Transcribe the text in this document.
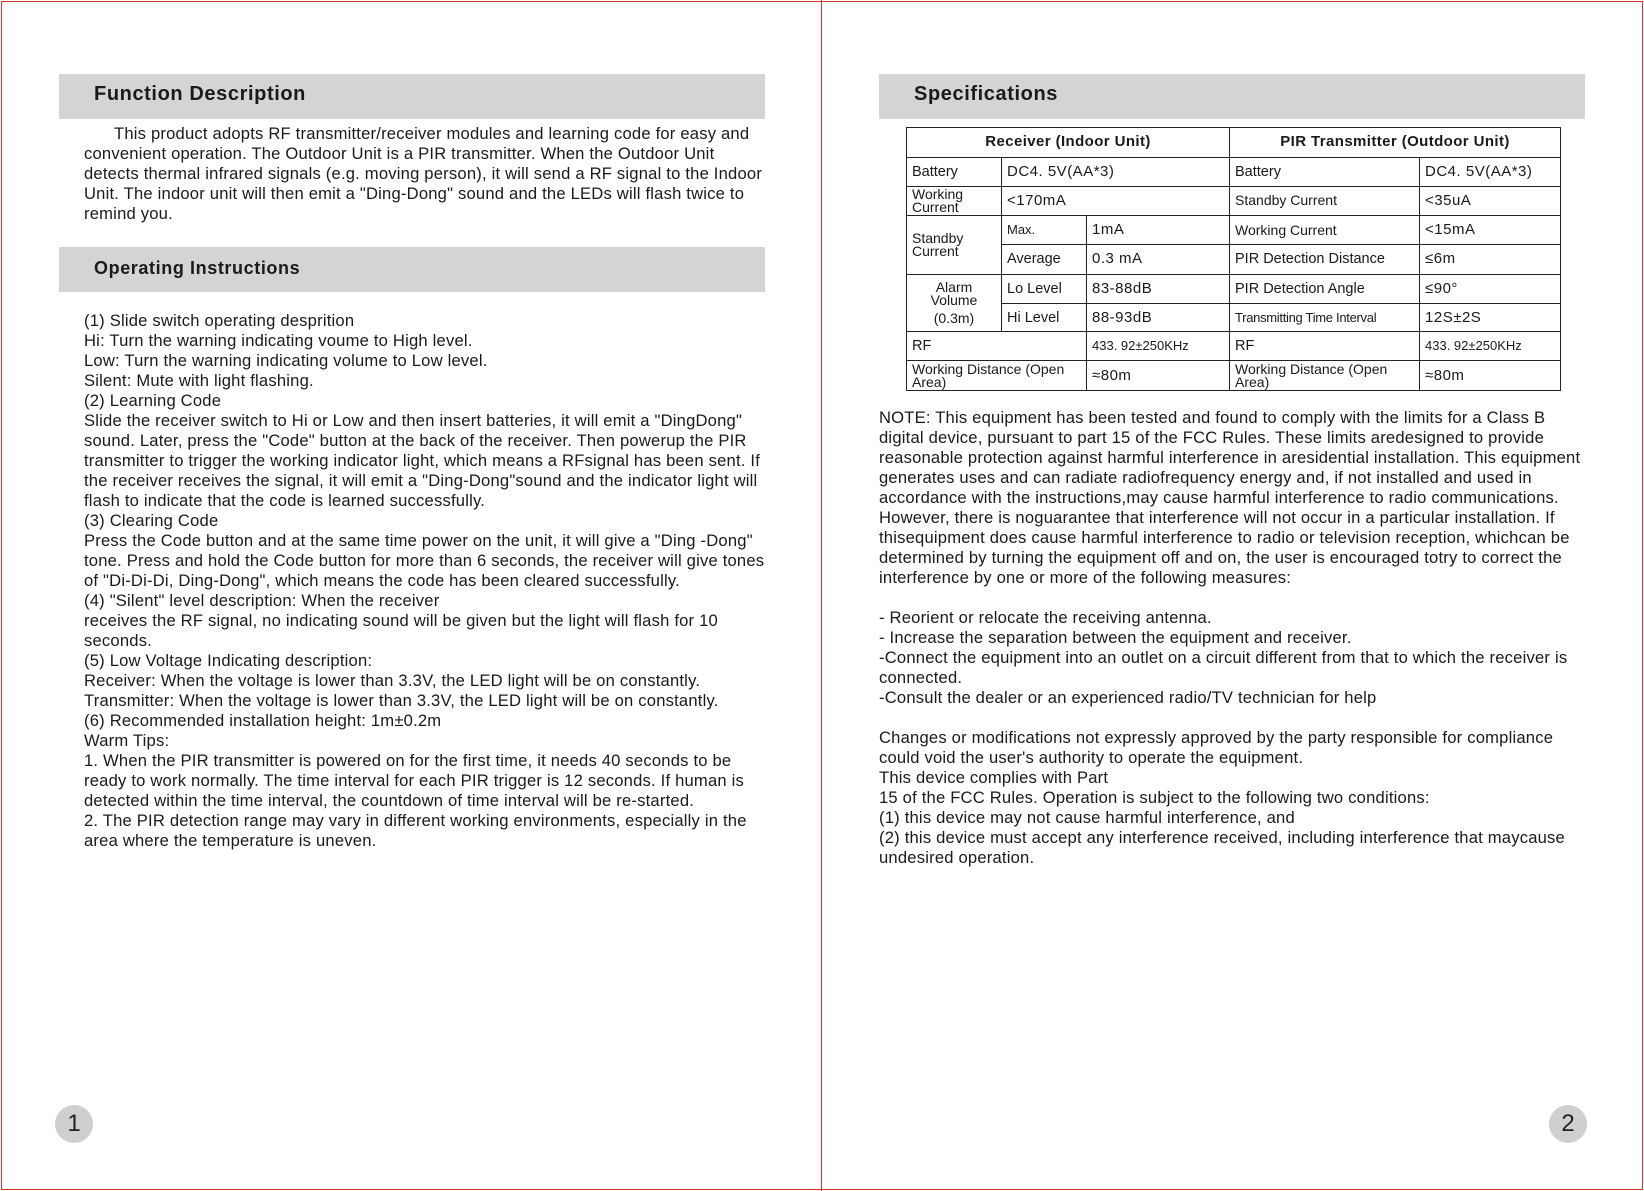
Function Description

This product adopts RF transmitter/receiver modules and learning code for easy and convenient operation. The Outdoor Unit is a PIR transmitter. When the Outdoor Unit detects thermal infrared signals (e.g. moving person), it will send a RF signal to the Indoor Unit. The indoor unit will then emit a "Ding-Dong" sound and the LEDs will flash twice to remind you.

Operating Instructions

(1) Slide switch operating desprition
Hi: Turn the warning indicating voume to High level.
Low: Turn the warning indicating volume to Low level.
Silent: Mute with light flashing.
(2) Learning Code
Slide the receiver switch to Hi or Low and then insert batteries, it will emit a "DingDong" sound. Later, press the "Code" button at the back of the receiver. Then powerup the PIR transmitter to trigger the working indicator light, which means a RFsignal has been sent. If the receiver receives the signal, it will emit a "Ding-Dong"sound and the indicator light will flash to indicate that the code is learned successfully.
(3) Clearing Code
Press the Code button and at the same time power on the unit, it will give a "Ding -Dong" tone. Press and hold the Code button for more than 6 seconds, the receiver will give tones of "Di-Di-Di, Ding-Dong", which means the code has been cleared successfully.
(4) "Silent" level description: When the receiver
receives the RF signal, no indicating sound will be given but the light will flash for 10 seconds.
(5) Low Voltage Indicating description:
Receiver: When the voltage is lower than 3.3V, the LED light will be on constantly.
Transmitter: When the voltage is lower than 3.3V, the LED light will be on constantly.
(6) Recommended installation height: 1m±0.2m
Warm Tips:
1. When the PIR transmitter is powered on for the first time, it needs 40 seconds to be ready to work normally. The time interval for each PIR trigger is 12 seconds. If human is detected within the time interval, the countdown of time interval will be re-started.
2. The PIR detection range may vary in different working environments, especially in the area where the temperature is uneven.

1
Specifications
Receiver (Indoor Unit)			PIR Transmitter (Outdoor Unit)	
Battery	DC4. 5V(AA*3)		Battery	DC4. 5V(AA*3)
Working Current	<170mA		Standby Current	<35uA
Standby Current	Max.	1mA	Working Current	<15mA
	Average	0.3 mA	PIR Detection Distance	≤6m

Alarm Volume
(0.3m)	Lo Level	83-88dB	PIR Detection Angle	≤90°
	Hi Level	88-93dB	Transmitting Time Interval	12S±2S
RF		433. 92±250KHz	RF	433. 92±250KHz
Working Distance (Open Area)		≈80m	Working Distance (Open Area)	≈80m

NOTE: This equipment has been tested and found to comply with the limits for a Class B digital device, pursuant to part 15 of the FCC Rules. These limits aredesigned to provide reasonable protection against harmful interference in aresidential installation. This equipment generates uses and can radiate radiofrequency energy and, if not installed and used in accordance with the instructions,may cause harmful interference to radio communications. However, there is noguarantee that interference will not occur in a particular installation. If thisequipment does cause harmful interference to radio or television reception, whichcan be determined by turning the equipment off and on, the user is encouraged totry to correct the interference by one or more of the following measures:

- Reorient or relocate the receiving antenna.
- Increase the separation between the equipment and receiver.
-Connect the equipment into an outlet on a circuit different from that to which the receiver is connected.
-Consult the dealer or an experienced radio/TV technician for help

Changes or modifications not expressly approved by the party responsible for compliance could void the user's authority to operate the equipment.
This device complies with Part
15 of the FCC Rules. Operation is subject to the following two conditions:
(1) this device may not cause harmful interference, and
(2) this device must accept any interference received, including interference that maycause undesired operation.

2
